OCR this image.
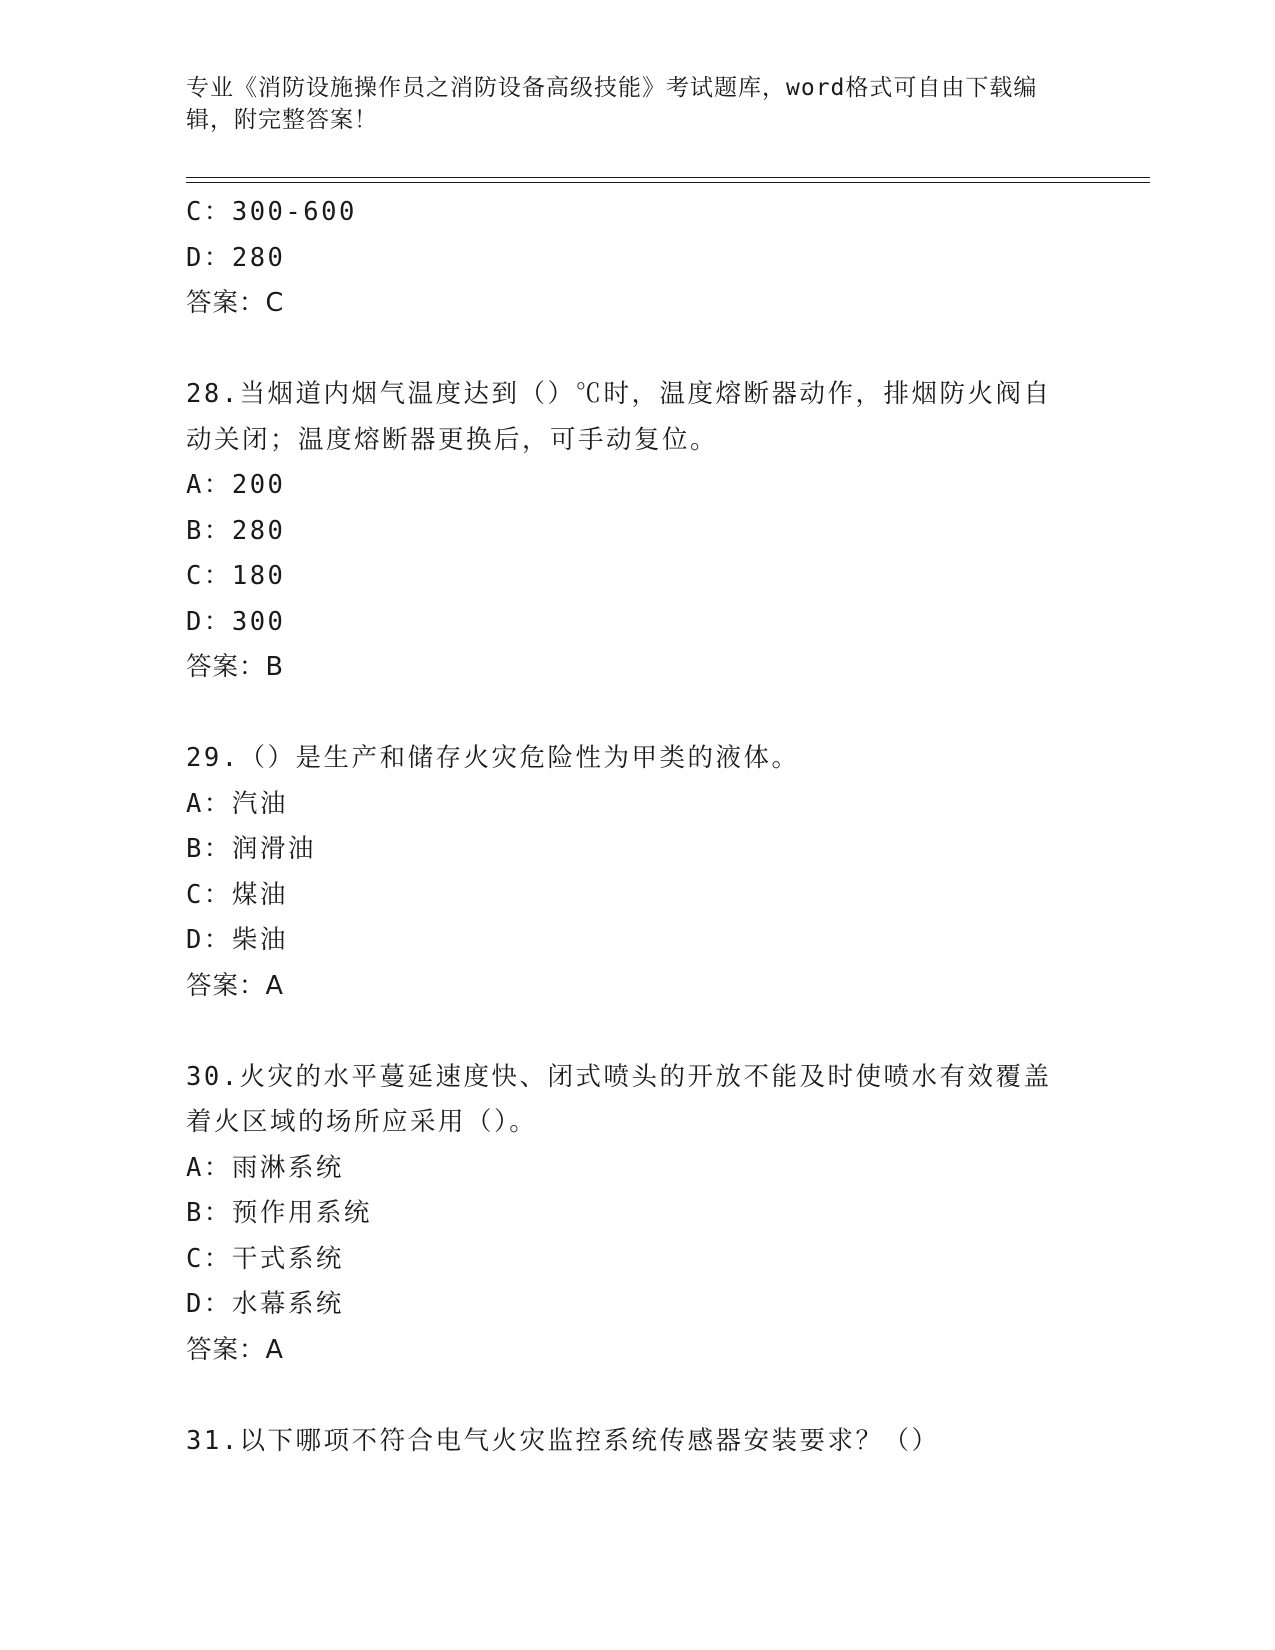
专业《消防设施操作员之消防设备高级技能》考试题库，word格式可自由下载编
辑，附完整答案！
C：300-600
D：280
答案：C
28.当烟道内烟气温度达到（）℃时，温度熔断器动作，排烟防火阀自
动关闭；温度熔断器更换后，可手动复位。
A：200
B：280
C：180
D：300
答案：B
29.（）是生产和储存火灾危险性为甲类的液体。
A：汽油
B：润滑油
C：煤油
D：柴油
答案：A
30.火灾的水平蔓延速度快、闭式喷头的开放不能及时使喷水有效覆盖
着火区域的场所应采用（）。
A：雨淋系统
B：预作用系统
C：干式系统
D：水幕系统
答案：A
31.以下哪项不符合电气火灾监控系统传感器安装要求？（）
